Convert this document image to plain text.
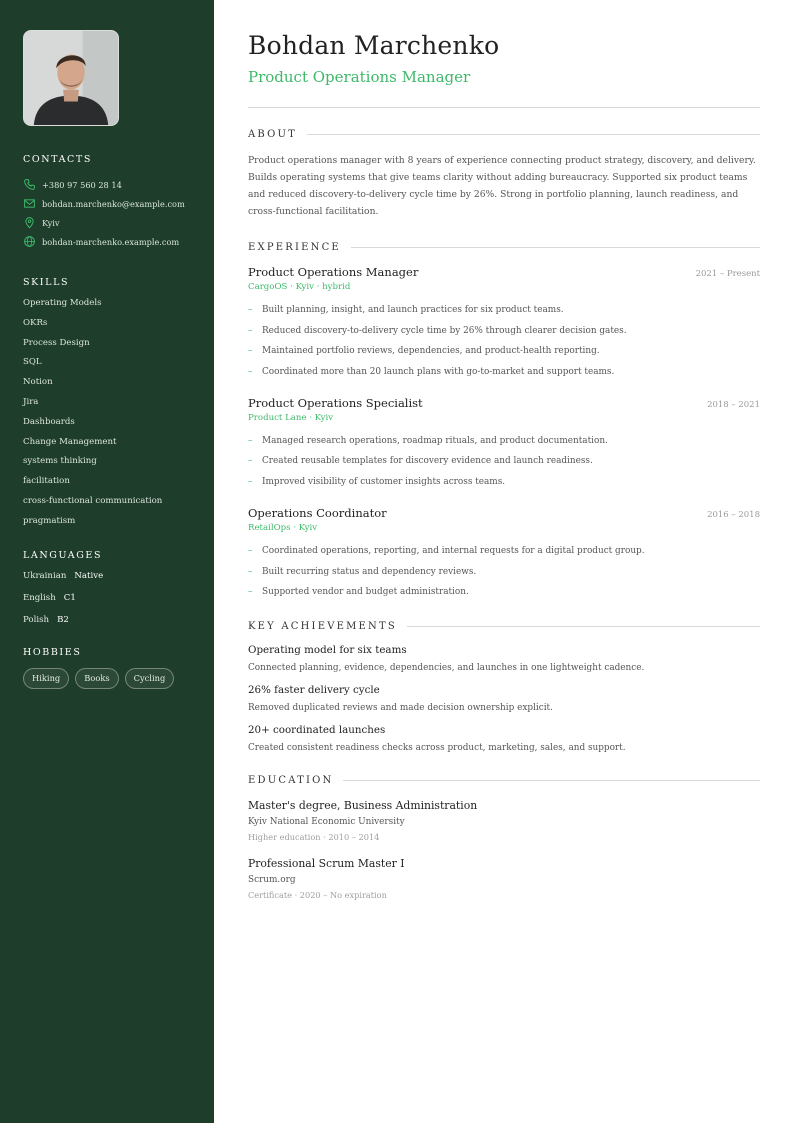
CONTACTS
+380 97 560 28 14
bohdan.marchenko@example.com
Kyiv
bohdan-marchenko.example.com
SKILLS
Operating Models
OKRs
Process Design
SQL
Notion
Jira
Dashboards
Change Management
systems thinking
facilitation
cross-functional communication
pragmatism
LANGUAGES
Ukrainian Native
English C1
Polish B2
HOBBIES
Hiking	Books	Cycling
Bohdan Marchenko
Product Operations Manager
ABOUT

Product operations manager with 8 years of experience connecting product strategy, discovery, and delivery. Builds operating systems that give teams clarity without adding bureaucracy. Supported six product teams and reduced discovery-to-delivery cycle time by 26%. Strong in portfolio planning, launch readiness, and cross-functional facilitation.

EXPERIENCE
Product Operations Manager	2021 – Present
CargoOS · Kyiv · hybrid
–	Built planning, insight, and launch practices for six product teams.
–	Reduced discovery-to-delivery cycle time by 26% through clearer decision gates.
–	Maintained portfolio reviews, dependencies, and product-health reporting.
–	Coordinated more than 20 launch plans with go-to-market and support teams.
Product Operations Specialist	2018 – 2021
Product Lane · Kyiv
–	Managed research operations, roadmap rituals, and product documentation.
–	Created reusable templates for discovery evidence and launch readiness.
–	Improved visibility of customer insights across teams.
Operations Coordinator	2016 – 2018
RetailOps · Kyiv
–	Coordinated operations, reporting, and internal requests for a digital product group.
–	Built recurring status and dependency reviews.
–	Supported vendor and budget administration.
KEY ACHIEVEMENTS
Operating model for six teams
Connected planning, evidence, dependencies, and launches in one lightweight cadence.
26% faster delivery cycle
Removed duplicated reviews and made decision ownership explicit.
20+ coordinated launches
Created consistent readiness checks across product, marketing, sales, and support.
EDUCATION
Master's degree, Business Administration
Kyiv National Economic University
Higher education · 2010 – 2014
Professional Scrum Master I
Scrum.org
Certificate · 2020 – No expiration
